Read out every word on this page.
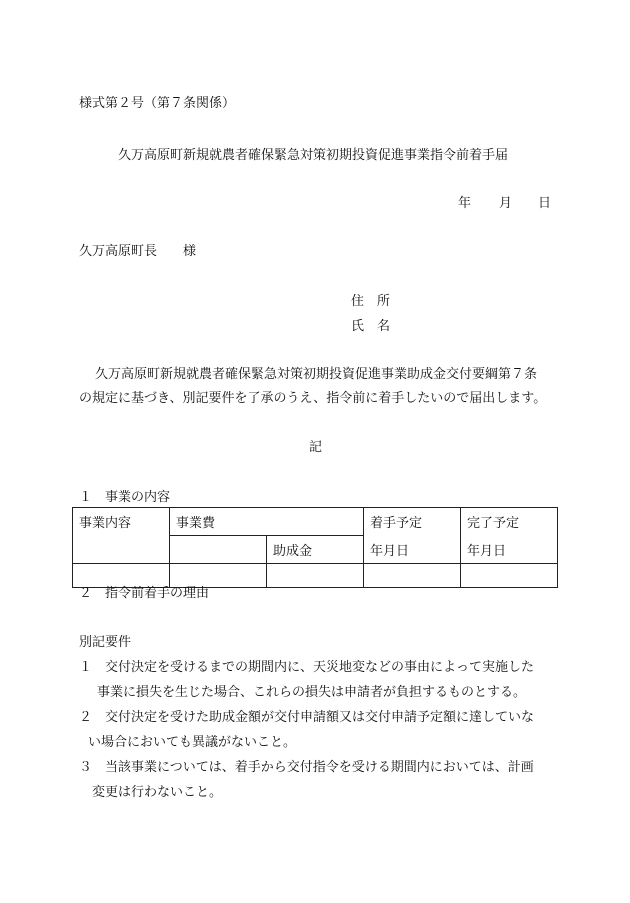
様式第２号（第７条関係）
久万高原町新規就農者確保緊急対策初期投資促進事業指令前着手届
年 月 日
久万高原町長　　様
住　所
氏　名
久万高原町新規就農者確保緊急対策初期投資促進事業助成金交付要綱第７条
の規定に基づき、別記要件を了承のうえ、指令前に着手したいので届出します。
記
１　事業の内容
事業内容	事業費		着手予定	完了予定
		助成金	年月日	年月日

２　指令前着手の理由
別記要件
１　交付決定を受けるまでの期間内に、天災地変などの事由によって実施した
事業に損失を生じた場合、これらの損失は申請者が負担するものとする。
２　交付決定を受けた助成金額が交付申請額又は交付申請予定額に達していな
い場合においても異議がないこと。
３　当該事業については、着手から交付指令を受ける期間内においては、計画
変更は行わないこと。
